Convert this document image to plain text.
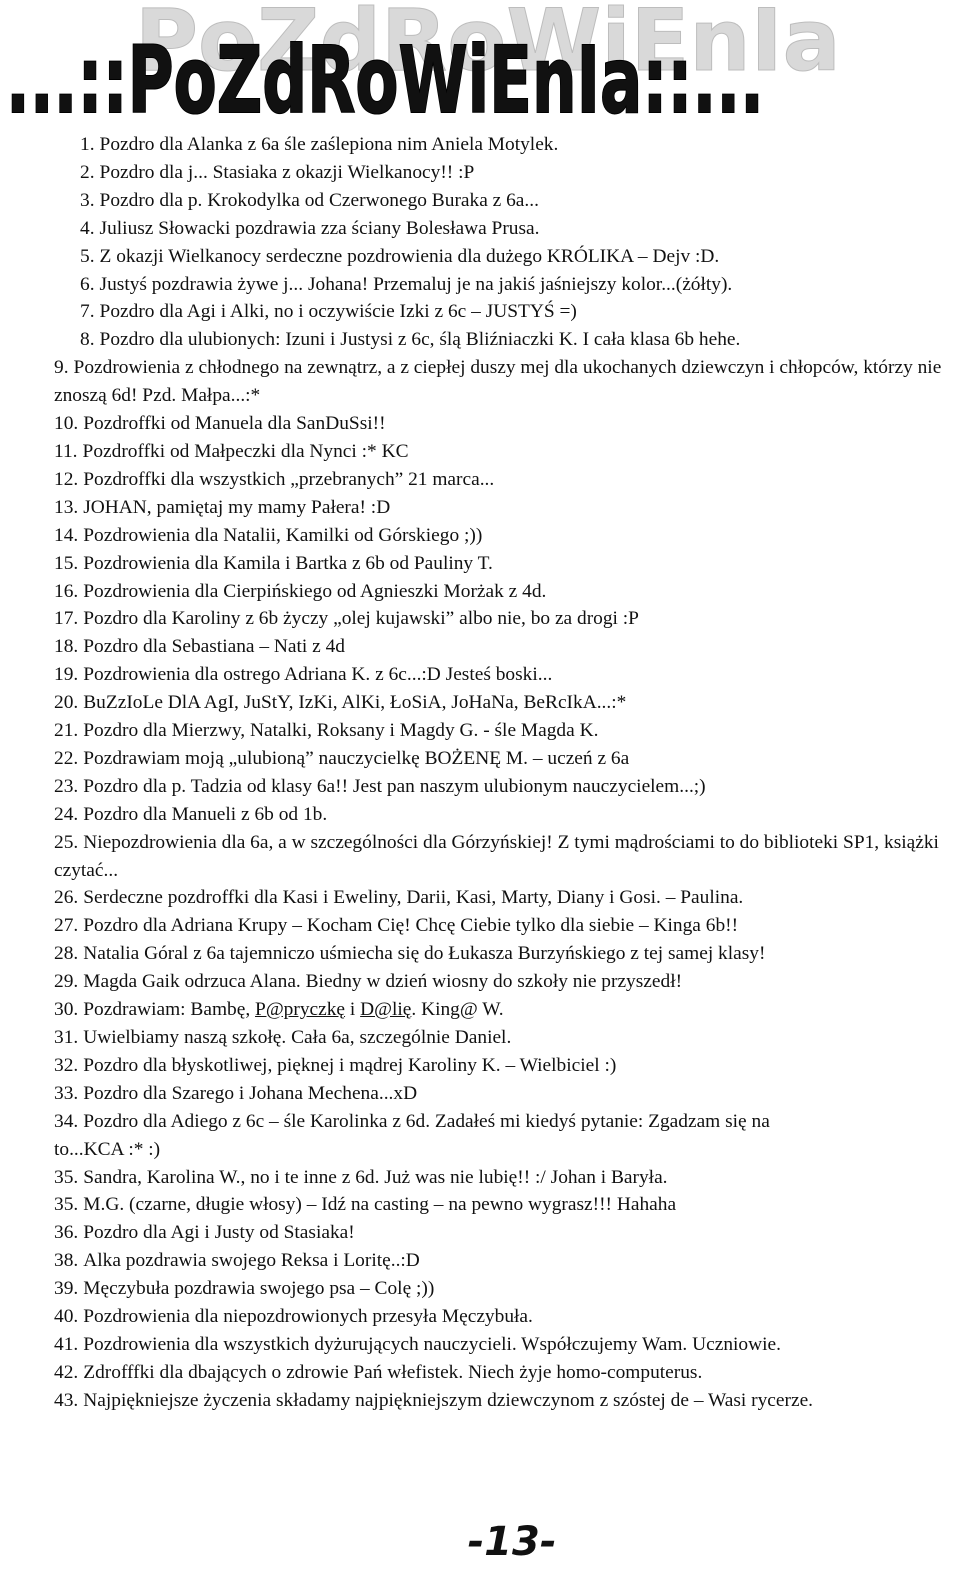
PoZdRoWiEnIa
...::PoZdRoWiEnIa::...
1. Pozdro dla Alanka z 6a śle zaślepiona nim Aniela Motylek.
2. Pozdro dla j... Stasiaka z okazji Wielkanocy!! :P
3. Pozdro dla p. Krokodylka od Czerwonego Buraka z 6a...
4. Juliusz Słowacki pozdrawia zza ściany Bolesława Prusa.
5. Z okazji Wielkanocy serdeczne pozdrowienia dla dużego KRÓLIKA – Dejv :D.
6. Justyś pozdrawia żywe j... Johana! Przemaluj je na jakiś jaśniejszy kolor...(żółty).
7. Pozdro dla Agi i Alki, no i oczywiście Izki z 6c – JUSTYŚ =)
8. Pozdro dla ulubionych: Izuni i Justysi z 6c, ślą Bliźniaczki K. I cała klasa 6b hehe.
9. Pozdrowienia z chłodnego na zewnątrz, a z ciepłej duszy mej dla ukochanych dziewczyn i chłopców, którzy nie znoszą 6d! Pzd. Małpa...:*
10. Pozdroffki od Manuela dla SanDuSsi!!
11. Pozdroffki od Małpeczki dla Nynci :* KC
12. Pozdroffki dla wszystkich „przebranych” 21 marca...
13. JOHAN, pamiętaj my mamy Pałera! :D
14. Pozdrowienia dla Natalii, Kamilki od Górskiego ;))
15. Pozdrowienia dla Kamila i Bartka z 6b od Pauliny T.
16. Pozdrowienia dla Cierpińskiego od Agnieszki Morżak z 4d.
17. Pozdro dla Karoliny z 6b życzy „olej kujawski” albo nie, bo za drogi :P
18. Pozdro dla Sebastiana – Nati z 4d
19. Pozdrowienia dla ostrego Adriana K. z 6c...:D Jesteś boski...
20. BuZzIoLe DlA AgI, JuStY, IzKi, AlKi, ŁoSiA, JoHaNa, BeRcIkA...:*
21. Pozdro dla Mierzwy, Natalki, Roksany i Magdy G. - śle Magda K.
22. Pozdrawiam moją „ulubioną” nauczycielkę BOŻENĘ M. – uczeń z 6a
23. Pozdro dla p. Tadzia od klasy 6a!! Jest pan naszym ulubionym nauczycielem...;)
24. Pozdro dla Manueli z 6b od 1b.
25. Niepozdrowienia dla 6a, a w szczególności dla Górzyńskiej! Z tymi mądrościami to do biblioteki SP1, książki czytać...
26. Serdeczne pozdroffki dla Kasi i Eweliny, Darii, Kasi, Marty, Diany i Gosi. – Paulina.
27. Pozdro dla Adriana Krupy – Kocham Cię! Chcę Ciebie tylko dla siebie – Kinga 6b!!
28. Natalia Góral z 6a tajemniczo uśmiecha się do Łukasza Burzyńskiego z tej samej klasy!
29. Magda Gaik odrzuca Alana. Biedny w dzień wiosny do szkoły nie przyszedł!
30. Pozdrawiam: Bambę, P@pryczkę i D@lię. King@ W.
31. Uwielbiamy naszą szkołę. Cała 6a, szczególnie Daniel.
32. Pozdro dla błyskotliwej, pięknej i mądrej Karoliny K. – Wielbiciel :)
33. Pozdro dla Szarego i Johana Mechena...xD
34. Pozdro dla Adiego z 6c – śle Karolinka z 6d. Zadałeś mi kiedyś pytanie: Zgadzam się na to...KCA :* :)
35. Sandra, Karolina W., no i te inne z 6d. Już was nie lubię!! :/ Johan i Baryła.
35. M.G. (czarne, długie włosy) – Idź na casting – na pewno wygrasz!!! Hahaha
36. Pozdro dla Agi i Justy od Stasiaka!
38. Alka pozdrawia swojego Reksa i Loritę..:D
39. Męczybuła pozdrawia swojego psa – Colę ;))
40. Pozdrowienia dla niepozdrowionych przesyła Męczybuła.
41. Pozdrowienia dla wszystkich dyżurujących nauczycieli. Współczujemy Wam. Uczniowie.
42. Zdrofffki dla dbających o zdrowie Pań włefistek. Niech żyje homo-computerus.
43. Najpiękniejsze życzenia składamy najpiękniejszym dziewczynom z szóstej de – Wasi rycerze.
-13-
